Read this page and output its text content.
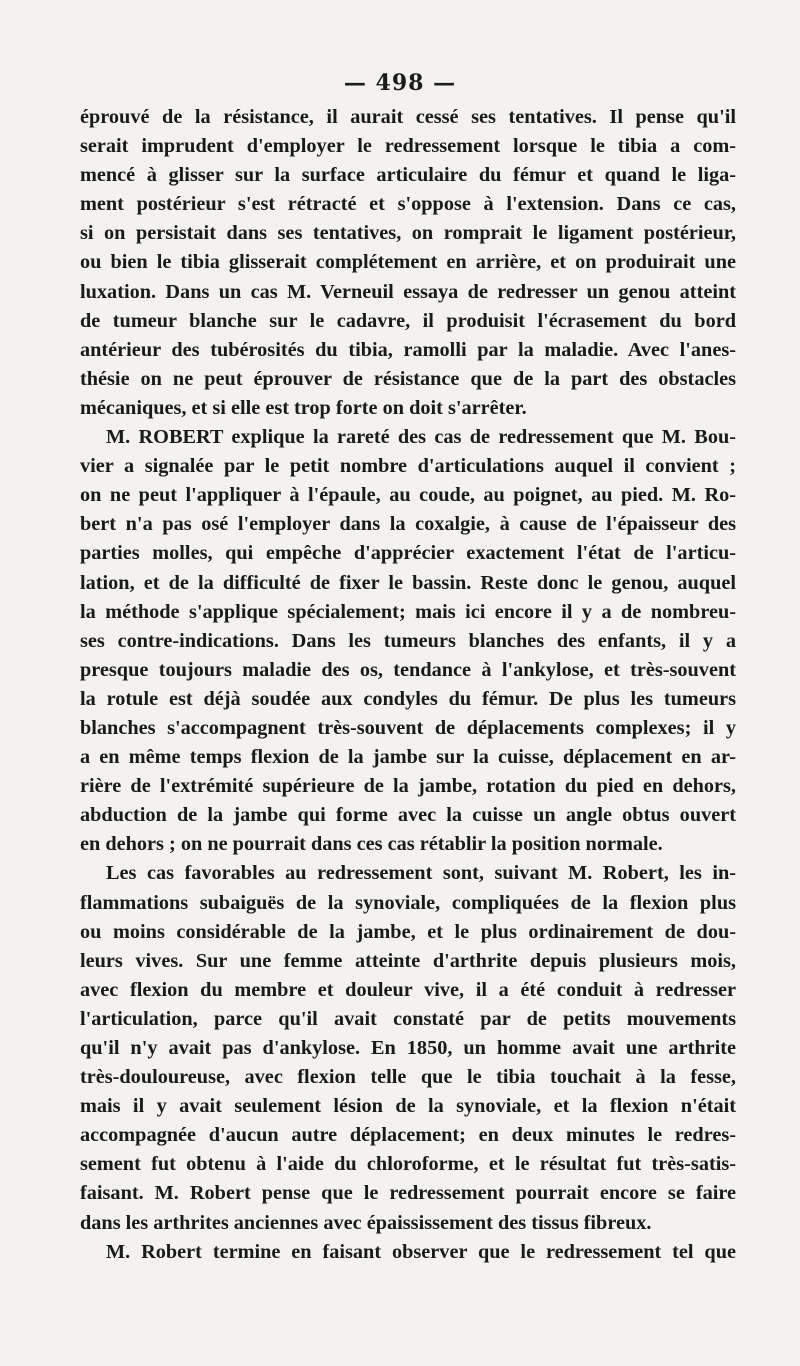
— 498 —
éprouvé de la résistance, il aurait cessé ses tentatives. Il pense qu'il
serait imprudent d'employer le redressement lorsque le tibia a com-
mencé à glisser sur la surface articulaire du fémur et quand le liga-
ment postérieur s'est rétracté et s'oppose à l'extension. Dans ce cas,
si on persistait dans ses tentatives, on romprait le ligament postérieur,
ou bien le tibia glisserait complétement en arrière, et on produirait une
luxation. Dans un cas M. Verneuil essaya de redresser un genou atteint
de tumeur blanche sur le cadavre, il produisit l'écrasement du bord
antérieur des tubérosités du tibia, ramolli par la maladie. Avec l'anes-
thésie on ne peut éprouver de résistance que de la part des obstacles
mécaniques, et si elle est trop forte on doit s'arrêter.
M. ROBERT explique la rareté des cas de redressement que M. Bou-
vier a signalée par le petit nombre d'articulations auquel il convient ;
on ne peut l'appliquer à l'épaule, au coude, au poignet, au pied. M. Ro-
bert n'a pas osé l'employer dans la coxalgie, à cause de l'épaisseur des
parties molles, qui empêche d'apprécier exactement l'état de l'articu-
lation, et de la difficulté de fixer le bassin. Reste donc le genou, auquel
la méthode s'applique spécialement; mais ici encore il y a de nombreu-
ses contre-indications. Dans les tumeurs blanches des enfants, il y a
presque toujours maladie des os, tendance à l'ankylose, et très-souvent
la rotule est déjà soudée aux condyles du fémur. De plus les tumeurs
blanches s'accompagnent très-souvent de déplacements complexes; il y
a en même temps flexion de la jambe sur la cuisse, déplacement en ar-
rière de l'extrémité supérieure de la jambe, rotation du pied en dehors,
abduction de la jambe qui forme avec la cuisse un angle obtus ouvert
en dehors ; on ne pourrait dans ces cas rétablir la position normale.
Les cas favorables au redressement sont, suivant M. Robert, les in-
flammations subaiguës de la synoviale, compliquées de la flexion plus
ou moins considérable de la jambe, et le plus ordinairement de dou-
leurs vives. Sur une femme atteinte d'arthrite depuis plusieurs mois,
avec flexion du membre et douleur vive, il a été conduit à redresser
l'articulation, parce qu'il avait constaté par de petits mouvements
qu'il n'y avait pas d'ankylose. En 1850, un homme avait une arthrite
très-douloureuse, avec flexion telle que le tibia touchait à la fesse,
mais il y avait seulement lésion de la synoviale, et la flexion n'était
accompagnée d'aucun autre déplacement; en deux minutes le redres-
sement fut obtenu à l'aide du chloroforme, et le résultat fut très-satis-
faisant. M. Robert pense que le redressement pourrait encore se faire
dans les arthrites anciennes avec épaississement des tissus fibreux.
M. Robert termine en faisant observer que le redressement tel que
